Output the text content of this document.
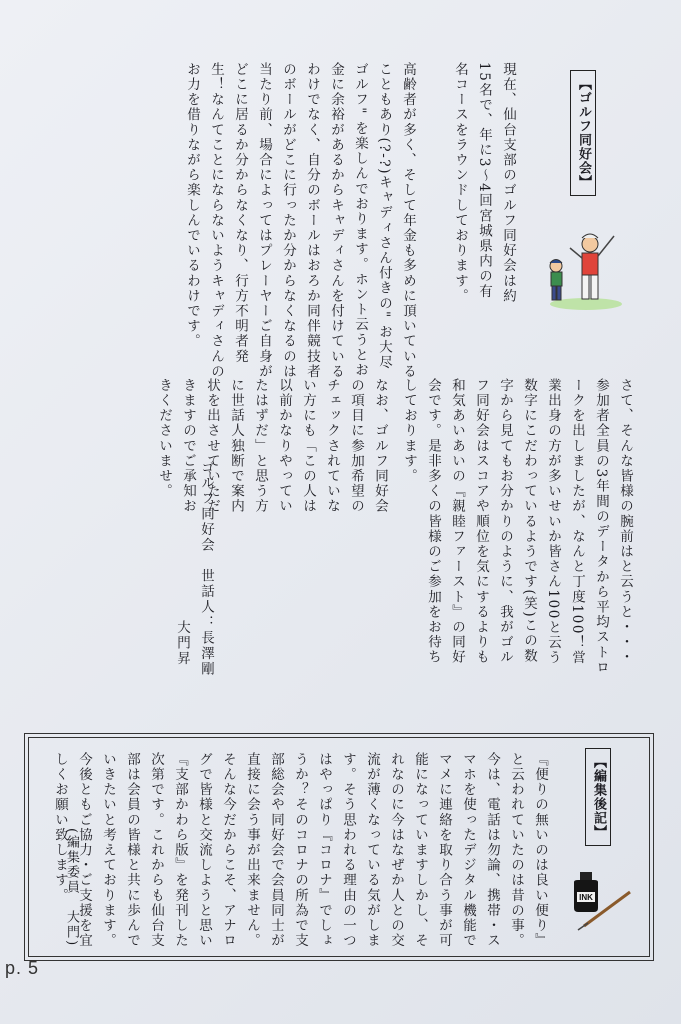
【ゴルフ同好会】
現在、仙台支部のゴルフ同好会は約15名で、年に3～4回宮城県内の有名コースをラウンドしております。
高齢者が多く、そして年金も多めに頂いていることもあり(?-?)キャディさん付きの" お大尽ゴルフ" を楽しんでおります。ホント云うとお金に余裕があるからキャディさんを付けているわけでなく、自分のボールはおろか同伴競技者のボールがどこに行ったか分からなくなるのは当たり前、場合によってはプレーヤーご自身がどこに居るか分からなくなり、行方不明者発生！なんてことにならないようキャディさんのお力を借りながら楽しんでいるわけです。
さて、そんな皆様の腕前はと云うと・・・参加者全員の3年間のデータから平均ストロークを出しましたが、なんと丁度100！営業出身の方が多いせいか皆さん100と云う数字にこだわっているようです(笑)この数字から見てもお分かりのように、我がゴルフ同好会はスコアや順位を気にするよりも和気あいあいの『親睦ファースト』の同好会です。是非多くの皆様のご参加をお待ちしております。
なお、ゴルフ同好会の項目に参加希望のチェックされていない方にも「この人は以前かなりやっていたはずだ」と思う方に世話人独断で案内状を出させていただきますのでご承知おきくださいませ。
ゴルフ同好会　世話人：長澤剛
大門昇
【編集後記】
INK
『便りの無いのは良い便り』と云われていたのは昔の事。今は、電話は勿論、携帯・スマホを使ったデジタル機能でマメに連絡を取り合う事が可能になっていますしかし、それなのに今はなぜか人との交流が薄くなっている気がします。そう思われる理由の一つはやっぱり『コロナ』でしょうか？そのコロナの所為で支部総会や同好会で会員同士が直接に会う事が出来ません。そんな今だからこそ、アナログで皆様と交流しようと思い『支部かわら版』を発刊した次第です。これからも仙台支部は会員の皆様と共に歩んでいきたいと考えております。今後ともご協力・ご支援を宜しくお願い致します。
(編集委員　大門)
p. 5
